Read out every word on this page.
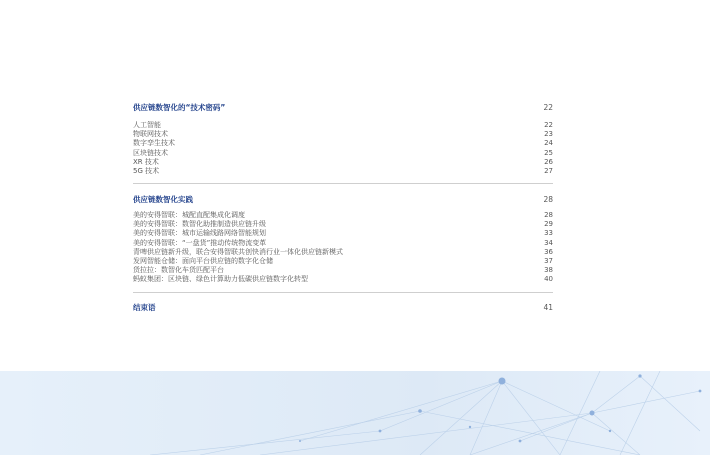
供应链数智化的“技术密码”	22
人工智能	22
物联网技术	23
数字孪生技术	24
区块链技术	25
XR 技术	26
5G 技术	27
供应链数智化实践	28
美的安得智联：城配直配集成化调度	28
美的安得智联：数智化助推制造供应链升级	29
美的安得智联：城市运输线路网络智能规划	33
美的安得智联：“一盘货”推动传统物流变革	34
青啤供应链新升级，联合安得智联共创快消行业一体化供应链新模式	36
发网智能仓储：面向平台供应链的数字化仓储	37
货拉拉：数智化车货匹配平台	38
蚂蚁集团：区块链、绿色计算助力低碳供应链数字化转型	40
结束语	41
